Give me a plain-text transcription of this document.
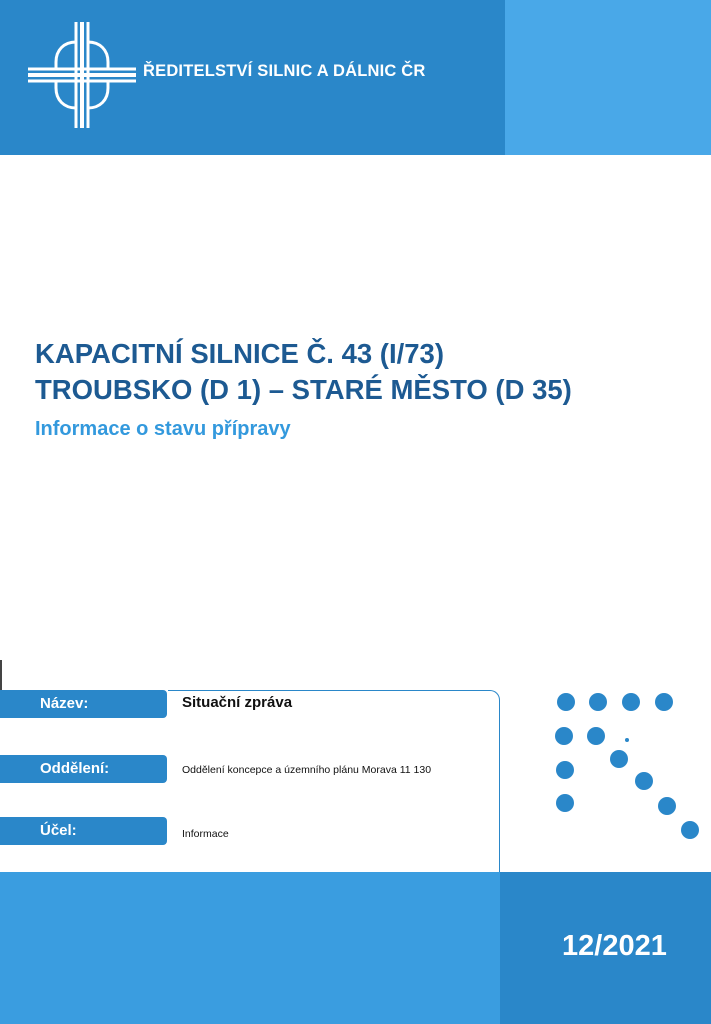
ŘEDITELSTVÍ SILNIC A DÁLNIC ČR
KAPACITNÍ SILNICE Č. 43 (I/73)
TROUBSKO (D 1) – STARÉ MĚSTO (D 35)
Informace o stavu přípravy
Název:	Situační zpráva
Oddělení:	Oddělení koncepce a územního plánu Morava 11 130
Účel:	Informace
12/2021
